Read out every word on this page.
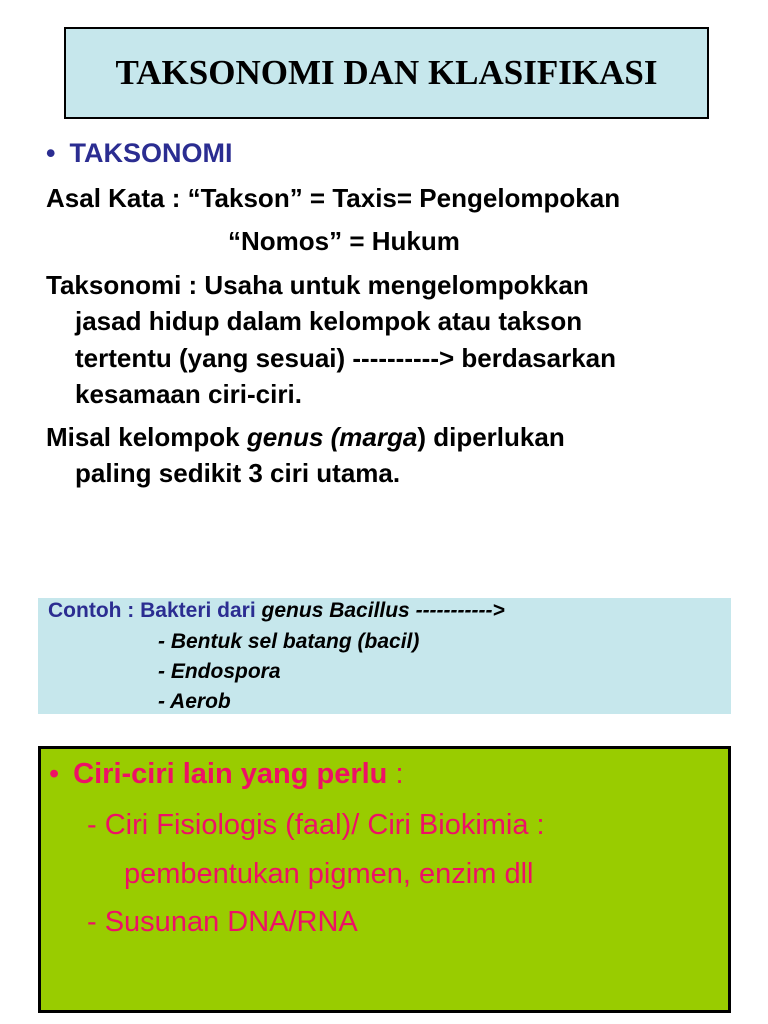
TAKSONOMI DAN KLASIFIKASI
• TAKSONOMI
Asal Kata : “Takson” = Taxis= Pengelompokan
“Nomos” = Hukum
Taksonomi : Usaha untuk mengelompokkan
jasad hidup dalam kelompok atau takson
tertentu (yang sesuai) ----------> berdasarkan
kesamaan ciri-ciri.
Misal kelompok genus (marga) diperlukan
paling sedikit 3 ciri utama.
Contoh : Bakteri dari genus Bacillus ----------->
- Bentuk sel batang (bacil)
- Endospora
- Aerob
• Ciri-ciri lain yang perlu :
- Ciri Fisiologis (faal)/ Ciri Biokimia :
pembentukan pigmen, enzim dll
- Susunan DNA/RNA
